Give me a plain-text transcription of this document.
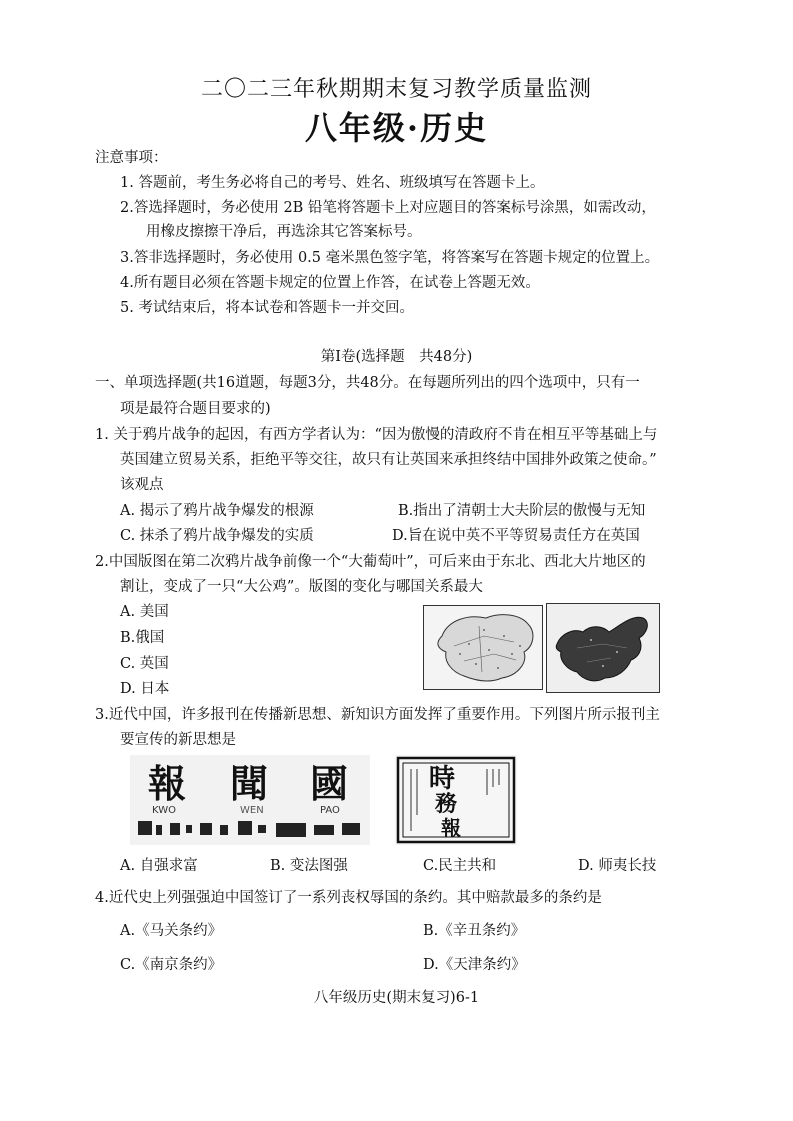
二〇二三年秋期期末复习教学质量监测
八年级·历史
注意事项：
1. 答题前，考生务必将自己的考号、姓名、班级填写在答题卡上。
2.答选择题时，务必使用 2B 铅笔将答题卡上对应题目的答案标号涂黑，如需改动，
用橡皮擦擦干净后，再选涂其它答案标号。
3.答非选择题时，务必使用 0.5 毫米黑色签字笔，将答案写在答题卡规定的位置上。
4.所有题目必须在答题卡规定的位置上作答，在试卷上答题无效。
5. 考试结束后，将本试卷和答题卡一并交回。
第Ⅰ卷(选择题　共48分)
一、单项选择题(共16道题，每题3分，共48分。在每题所列出的四个选项中，只有一
项是最符合题目要求的)
1. 关于鸦片战争的起因，有西方学者认为：“因为傲慢的清政府不肯在相互平等基础上与
英国建立贸易关系，拒绝平等交往，故只有让英国来承担终结中国排外政策之使命。”
该观点
A. 揭示了鸦片战争爆发的根源	B.指出了清朝士大夫阶层的傲慢与无知
C. 抹杀了鸦片战争爆发的实质	D.旨在说中英不平等贸易责任方在英国
2.中国版图在第二次鸦片战争前像一个“大葡萄叶”，可后来由于东北、西北大片地区的
割让，变成了一只“大公鸡”。版图的变化与哪国关系最大
A. 美国
B.俄国
C. 英国
D. 日本
3.近代中国，许多报刊在传播新思想、新知识方面发挥了重要作用。下列图片所示报刊主
要宣传的新思想是
報 聞 國
KWO	WEN	PAO
時
務
報
A. 自强求富	B. 变法图强	C.民主共和	D. 师夷长技
4.近代史上列强强迫中国签订了一系列丧权辱国的条约。其中赔款最多的条约是
A.《马关条约》	B.《辛丑条约》
C.《南京条约》	D.《天津条约》
八年级历史(期末复习)6-1
